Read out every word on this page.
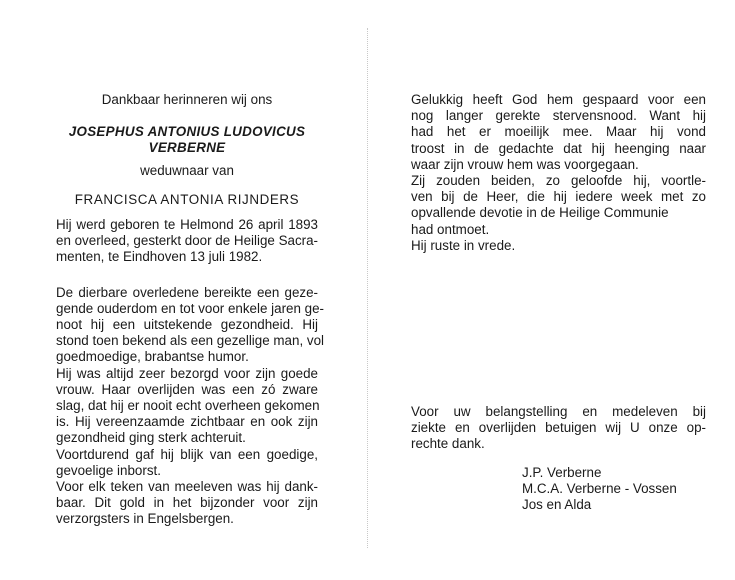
Dankbaar herinneren wij ons

JOSEPHUS ANTONIUS LUDOVICUS

VERBERNE

weduwnaar van

FRANCISCA ANTONIA RIJNDERS

Hij werd geboren te Helmond 26 april 1893
en overleed, gesterkt door de Heilige Sacra-
menten, te Eindhoven 13 juli 1982.
De dierbare overledene bereikte een geze-
gende ouderdom en tot voor enkele jaren ge-
noot hij een uitstekende gezondheid. Hij
stond toen bekend als een gezellige man, vol
goedmoedige, brabantse humor.
Hij was altijd zeer bezorgd voor zijn goede
vrouw. Haar overlijden was een zó zware
slag, dat hij er nooit echt overheen gekomen
is. Hij vereenzaamde zichtbaar en ook zijn
gezondheid ging sterk achteruit.
Voortdurend gaf hij blijk van een goedige,
gevoelige inborst.
Voor elk teken van meeleven was hij dank-
baar. Dit gold in het bijzonder voor zijn
verzorgsters in Engelsbergen.
Gelukkig heeft God hem gespaard voor een
nog langer gerekte stervensnood. Want hij
had het er moeilijk mee. Maar hij vond
troost in de gedachte dat hij heenging naar
waar zijn vrouw hem was voorgegaan.
Zij zouden beiden, zo geloofde hij, voortle-
ven bij de Heer, die hij iedere week met zo
opvallende devotie in de Heilige Communie
had ontmoet.
Hij ruste in vrede.
Voor uw belangstelling en medeleven bij
ziekte en overlijden betuigen wij U onze op-
rechte dank.
J.P. Verberne
M.C.A. Verberne - Vossen
Jos en Alda
